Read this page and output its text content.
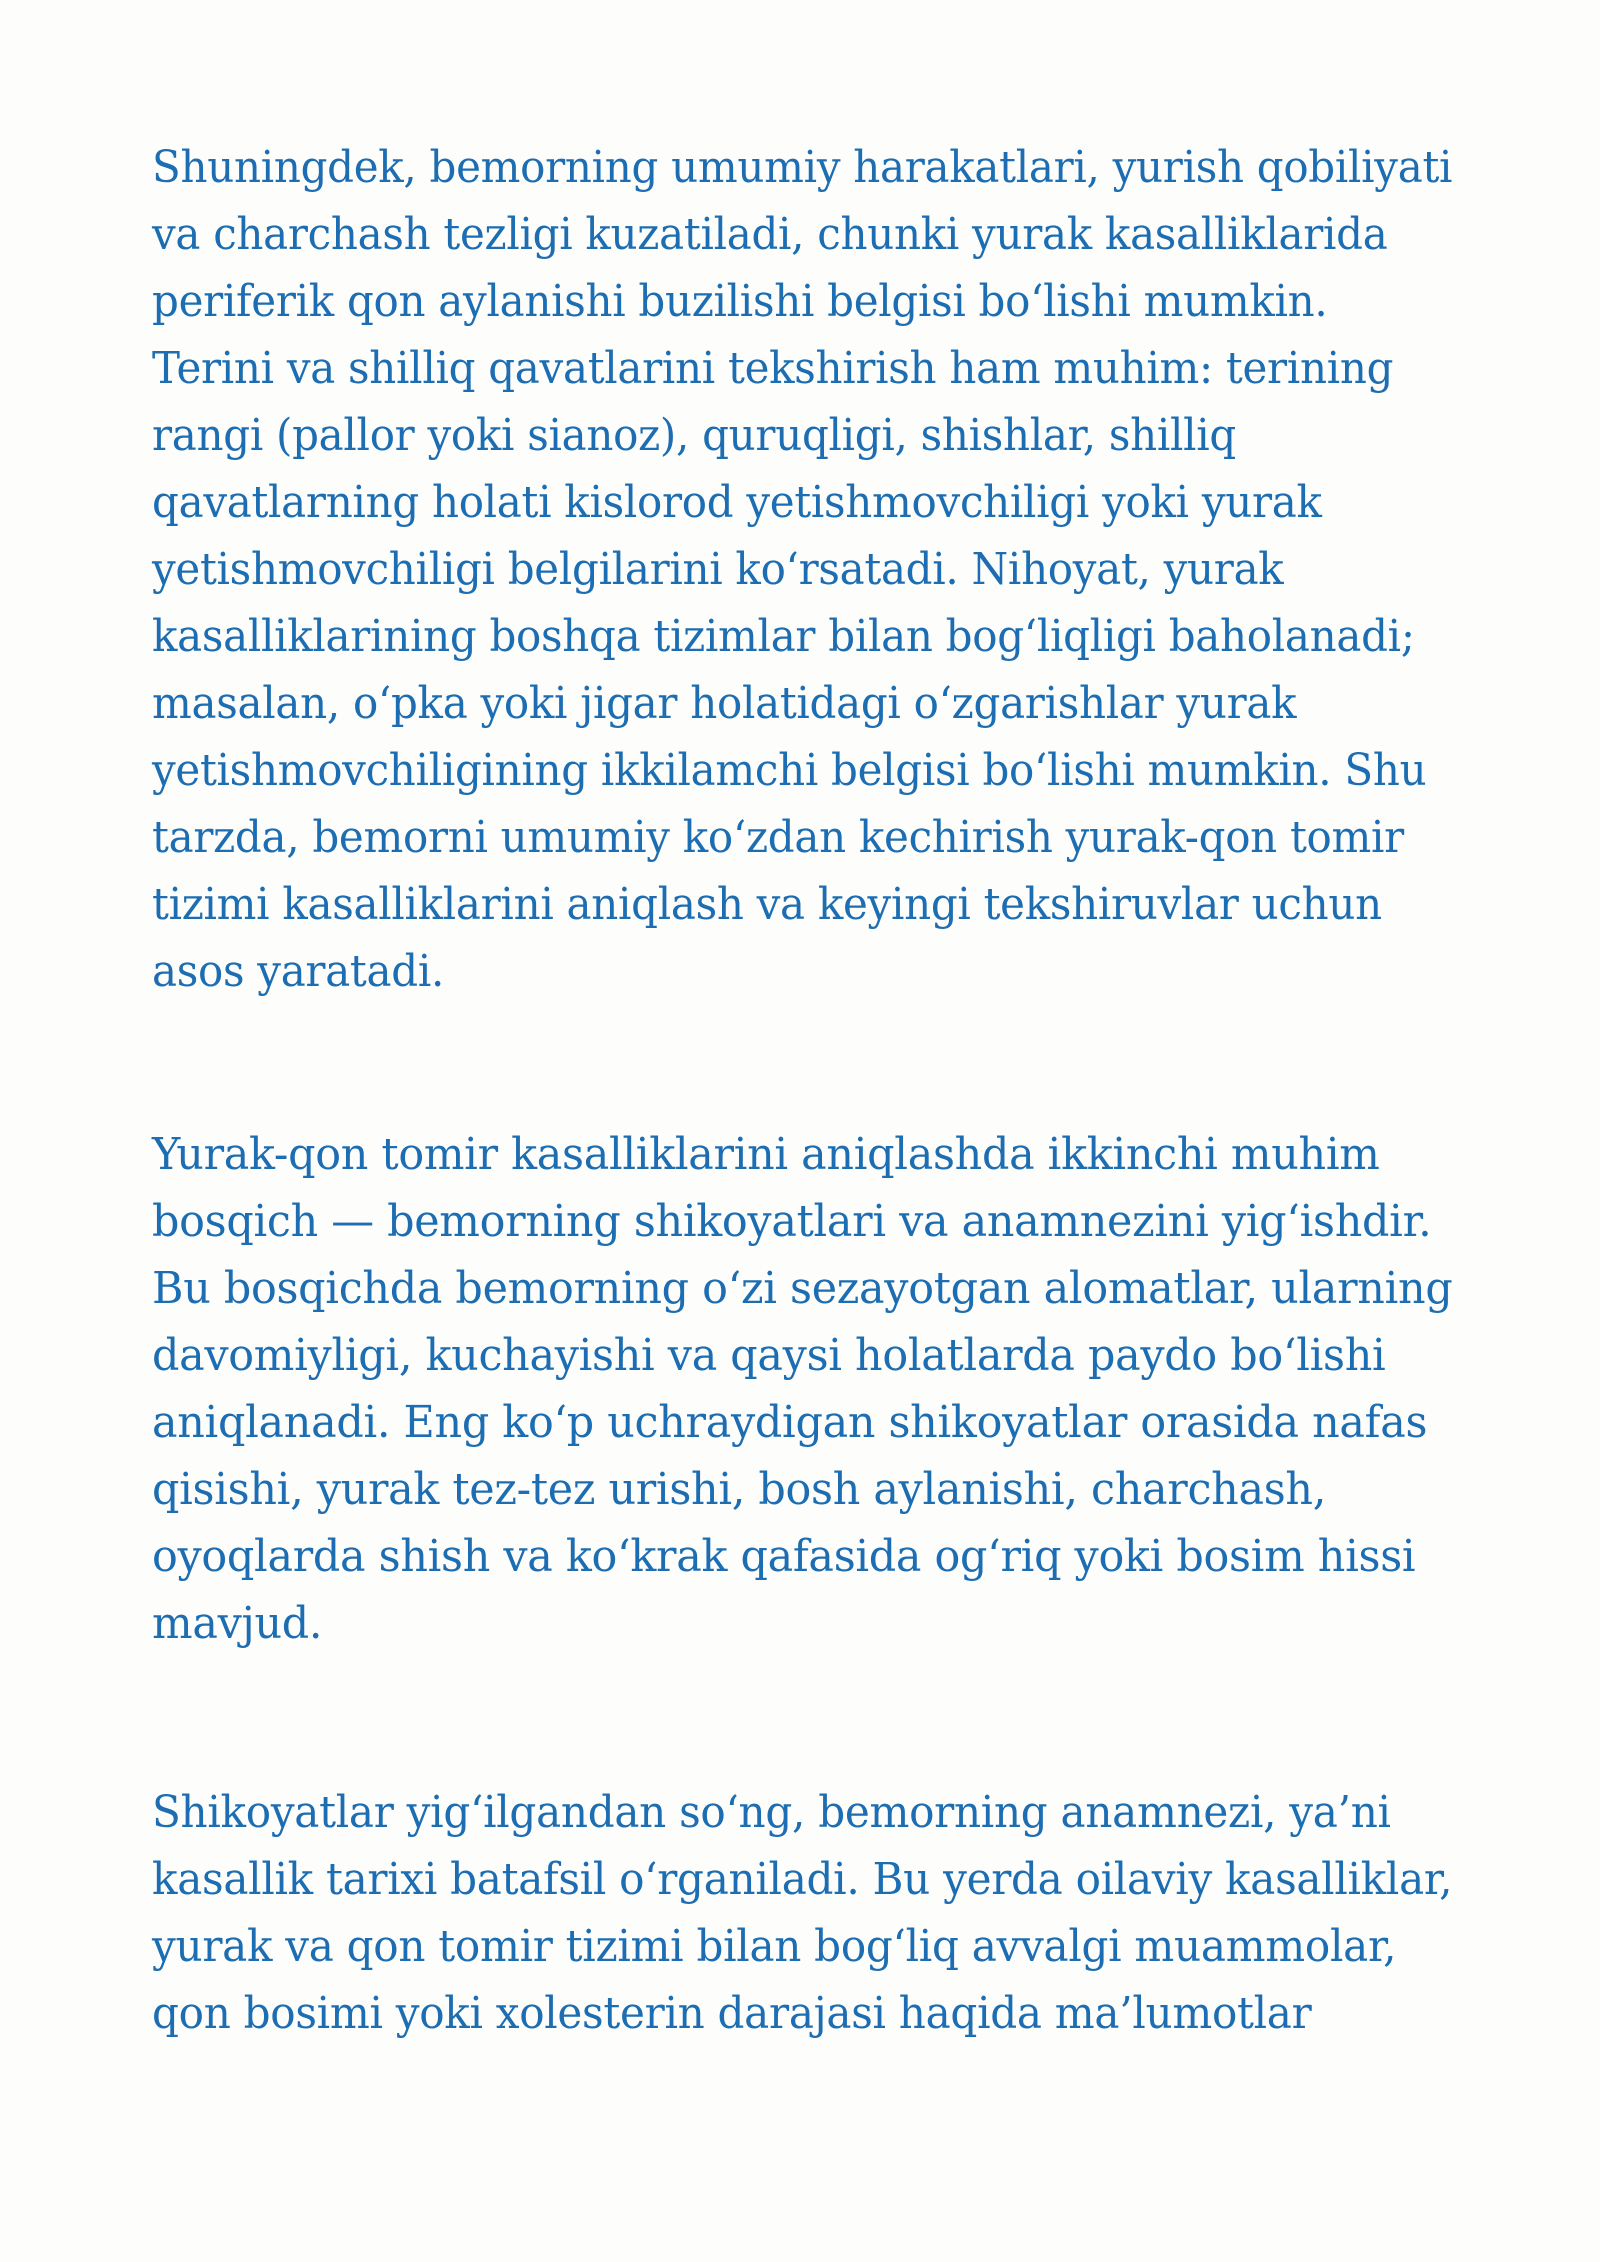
Shuningdek, bemorning umumiy harakatlari, yurish qobiliyati
va charchash tezligi kuzatiladi, chunki yurak kasalliklarida
periferik qon aylanishi buzilishi belgisi bo‘lishi mumkin.
Terini va shilliq qavatlarini tekshirish ham muhim: terining
rangi (pallor yoki sianoz), quruqligi, shishlar, shilliq
qavatlarning holati kislorod yetishmovchiligi yoki yurak
yetishmovchiligi belgilarini ko‘rsatadi. Nihoyat, yurak
kasalliklarining boshqa tizimlar bilan bog‘liqligi baholanadi;
masalan, o‘pka yoki jigar holatidagi o‘zgarishlar yurak
yetishmovchiligining ikkilamchi belgisi bo‘lishi mumkin. Shu
tarzda, bemorni umumiy ko‘zdan kechirish yurak-qon tomir
tizimi kasalliklarini aniqlash va keyingi tekshiruvlar uchun
asos yaratadi.

Yurak-qon tomir kasalliklarini aniqlashda ikkinchi muhim
bosqich — bemorning shikoyatlari va anamnezini yig‘ishdir.
Bu bosqichda bemorning o‘zi sezayotgan alomatlar, ularning
davomiyligi, kuchayishi va qaysi holatlarda paydo bo‘lishi
aniqlanadi. Eng ko‘p uchraydigan shikoyatlar orasida nafas
qisishi, yurak tez-tez urishi, bosh aylanishi, charchash,
oyoqlarda shish va ko‘krak qafasida og‘riq yoki bosim hissi
mavjud.

Shikoyatlar yig‘ilgandan so‘ng, bemorning anamnezi, ya’ni
kasallik tarixi batafsil o‘rganiladi. Bu yerda oilaviy kasalliklar,
yurak va qon tomir tizimi bilan bog‘liq avvalgi muammolar,
qon bosimi yoki xolesterin darajasi haqida ma’lumotlar
